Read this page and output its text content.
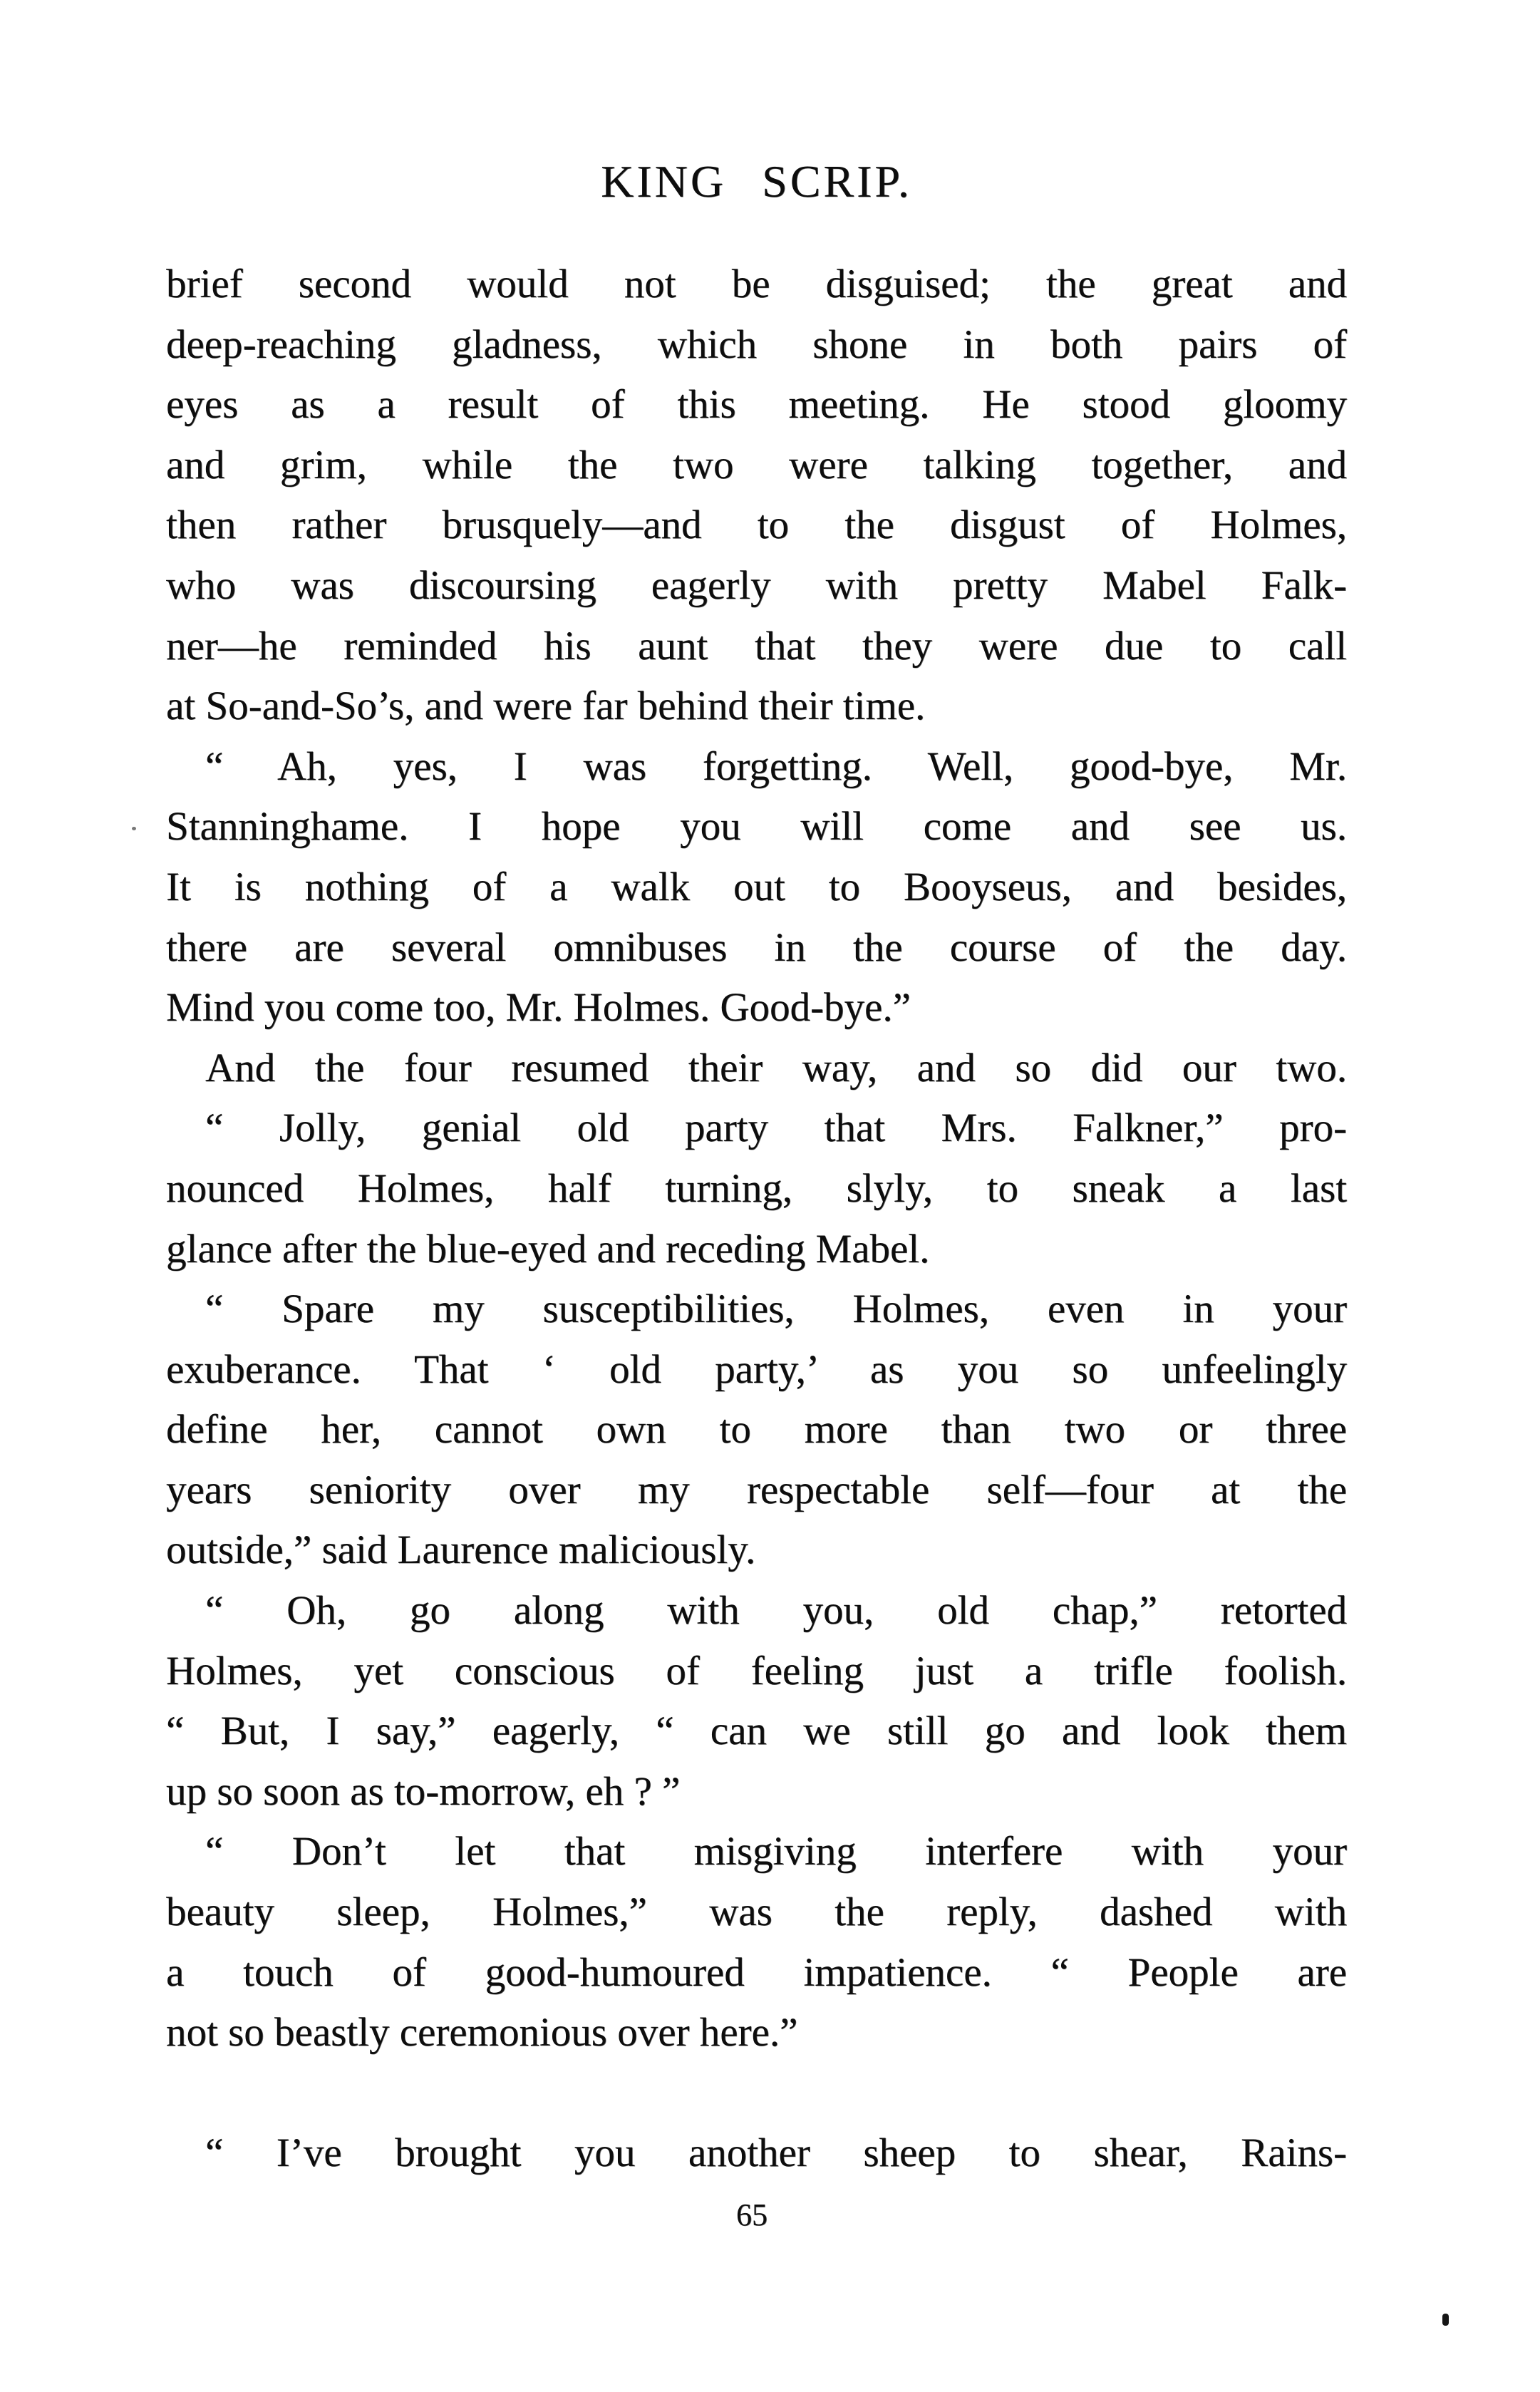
KING SCRIP.
brief second would not be disguised; the great and
deep-reaching gladness, which shone in both pairs of
eyes as a result of this meeting. He stood gloomy
and grim, while the two were talking together, and
then rather brusquely—and to the disgust of Holmes,
who was discoursing eagerly with pretty Mabel Falk-
ner—he reminded his aunt that they were due to call
at So-and-So’s, and were far behind their time.
“ Ah, yes, I was forgetting. Well, good-bye, Mr.
Stanninghame. I hope you will come and see us.
It is nothing of a walk out to Booyseus, and besides,
there are several omnibuses in the course of the day.
Mind you come too, Mr. Holmes. Good-bye.”
And the four resumed their way, and so did our two.
“ Jolly, genial old party that Mrs. Falkner,” pro-
nounced Holmes, half turning, slyly, to sneak a last
glance after the blue-eyed and receding Mabel.
“ Spare my susceptibilities, Holmes, even in your
exuberance. That ‘ old party,’ as you so unfeelingly
define her, cannot own to more than two or three
years seniority over my respectable self—four at the
outside,” said Laurence maliciously.
“ Oh, go along with you, old chap,” retorted
Holmes, yet conscious of feeling just a trifle foolish.
“ But, I say,” eagerly, “ can we still go and look them
up so soon as to-morrow, eh ? ”
“ Don’t let that misgiving interfere with your
beauty sleep, Holmes,” was the reply, dashed with
a touch of good-humoured impatience. “ People are
not so beastly ceremonious over here.”
“ I’ve brought you another sheep to shear, Rains-
65
